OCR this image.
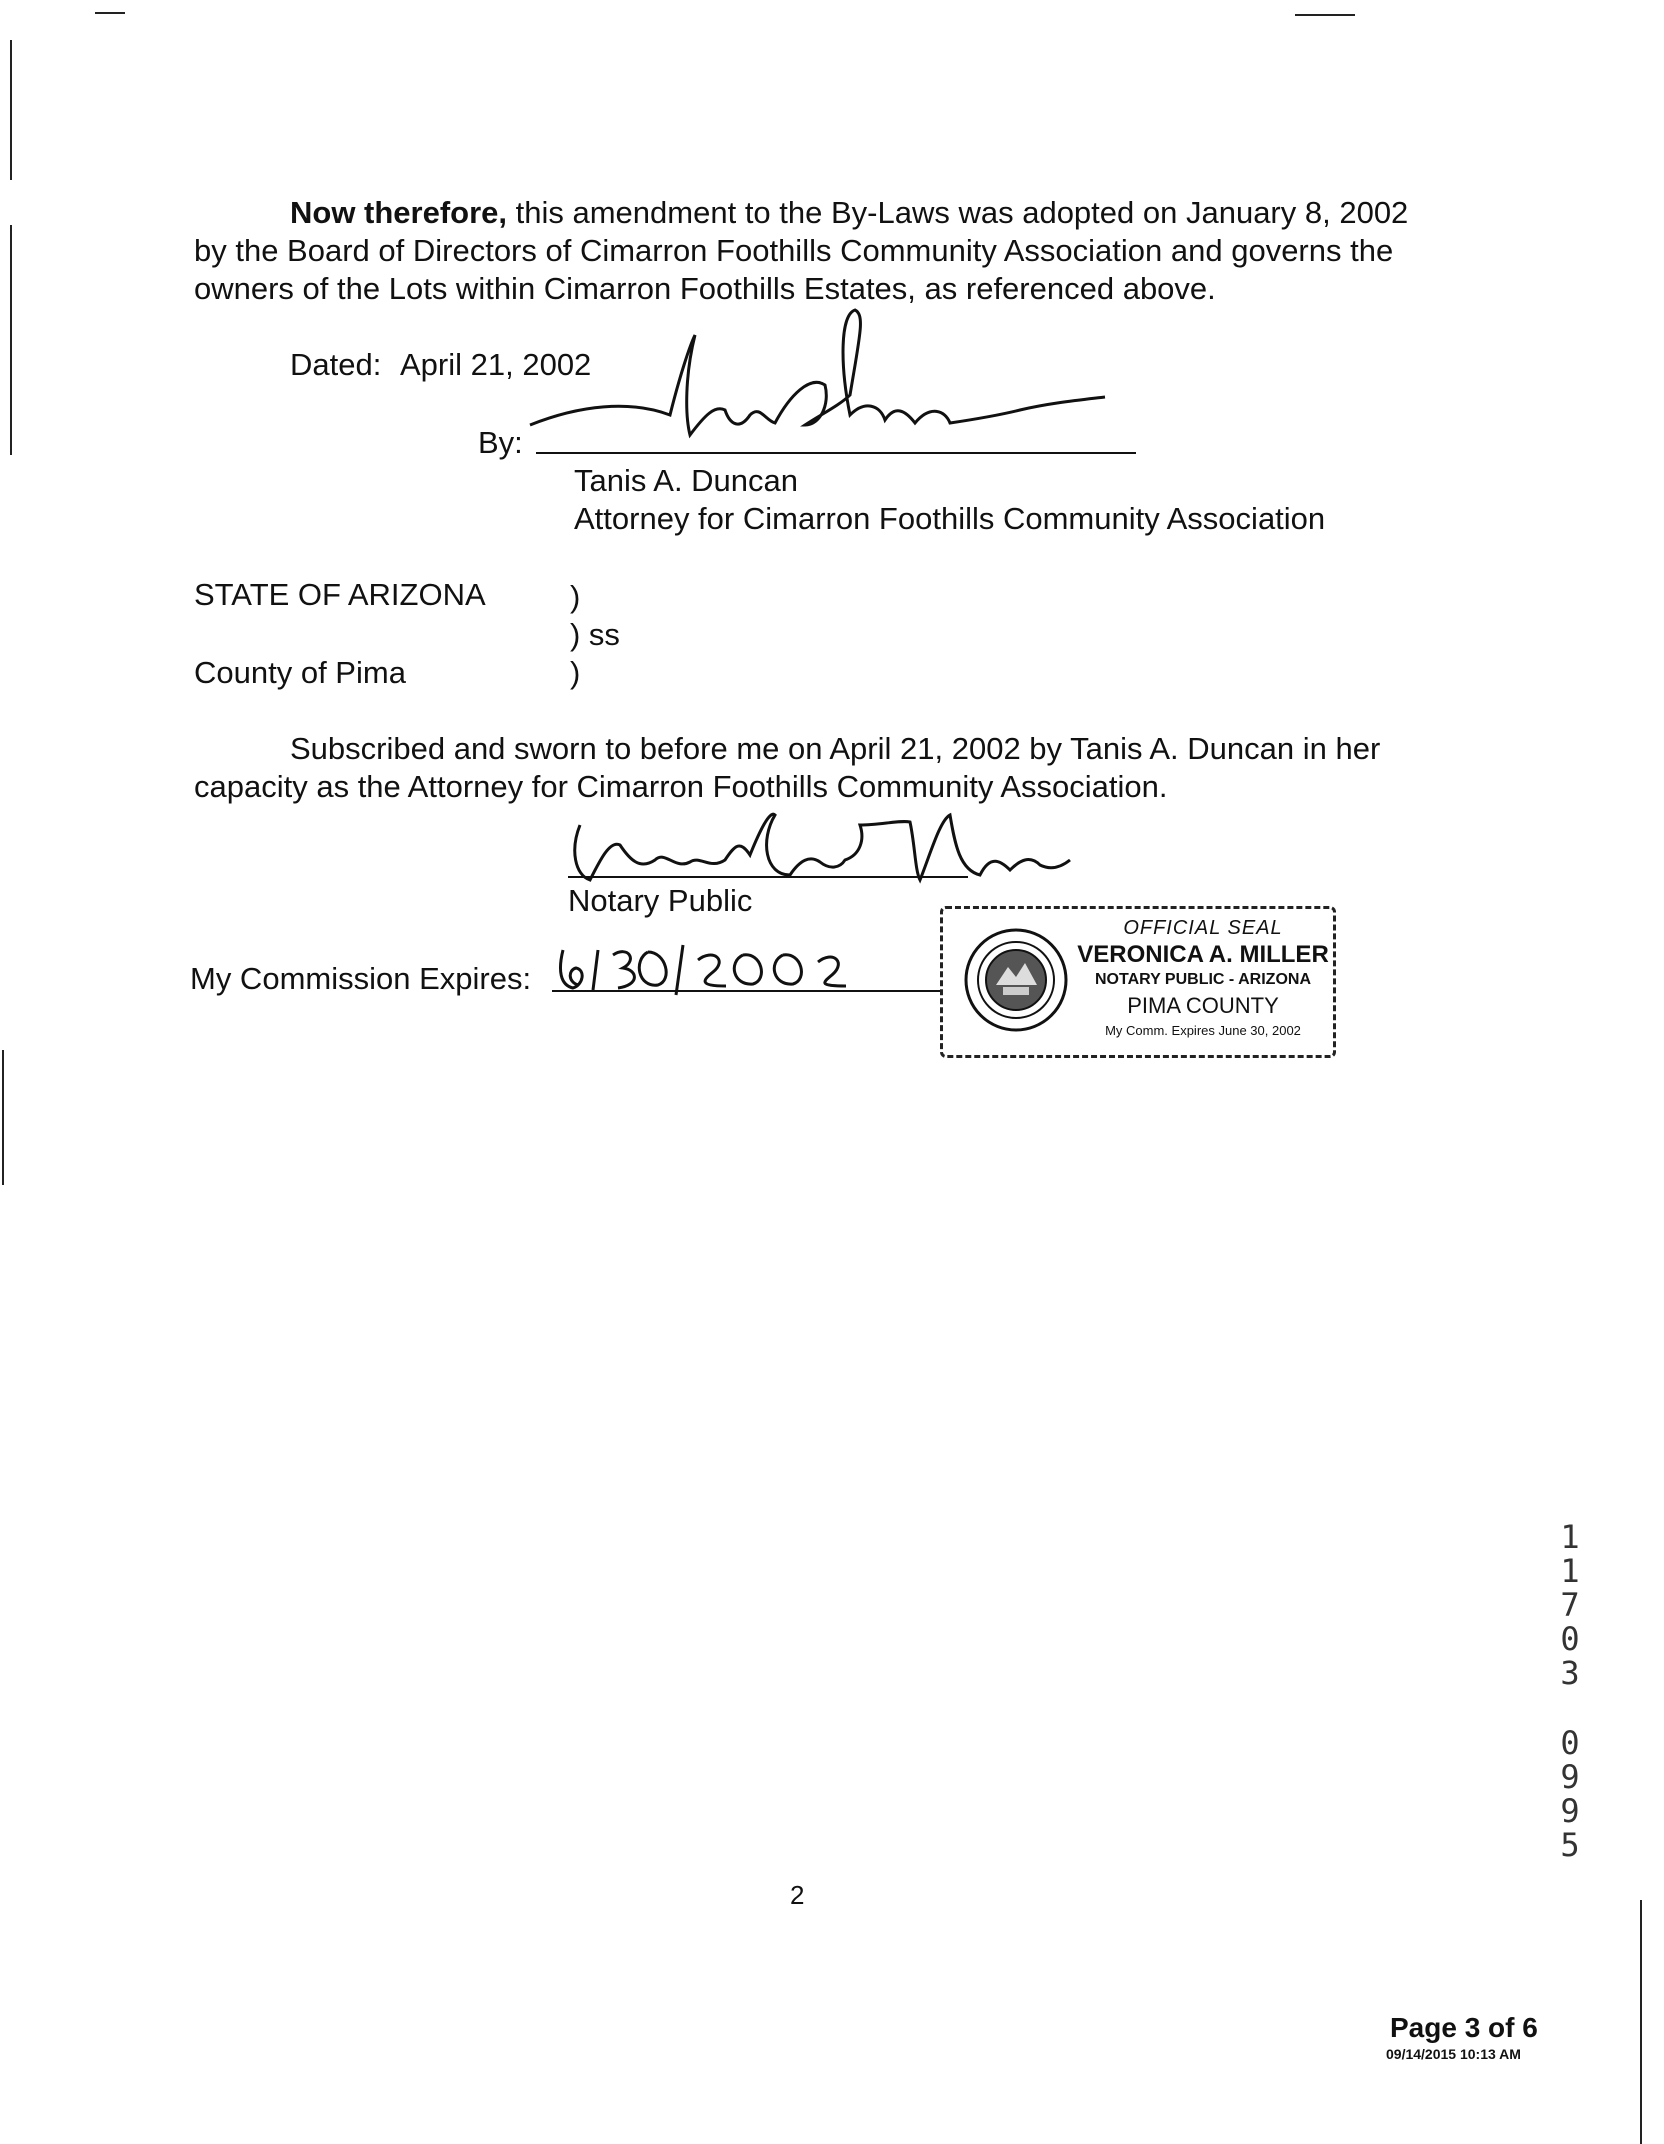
Now therefore, this amendment to the By-Laws was adopted on January 8, 2002
by the Board of Directors of Cimarron Foothills Community Association and governs the
owners of the Lots within Cimarron Foothills Estates, as referenced above.
Dated: April 21, 2002
By:
Tanis A. Duncan
Attorney for Cimarron Foothills Community Association
STATE OF ARIZONA	)
) ss
County of Pima	)
Subscribed and sworn to before me on April 21, 2002 by Tanis A. Duncan in her
capacity as the Attorney for Cimarron Foothills Community Association.
Notary Public
My Commission Expires:
OFFICIAL SEAL
VERONICA A. MILLER
NOTARY PUBLIC - ARIZONA
PIMA COUNTY
My Comm. Expires June 30, 2002
1
1
7
0
3
0
9
9
5
2
Page 3 of 6
09/14/2015 10:13 AM
